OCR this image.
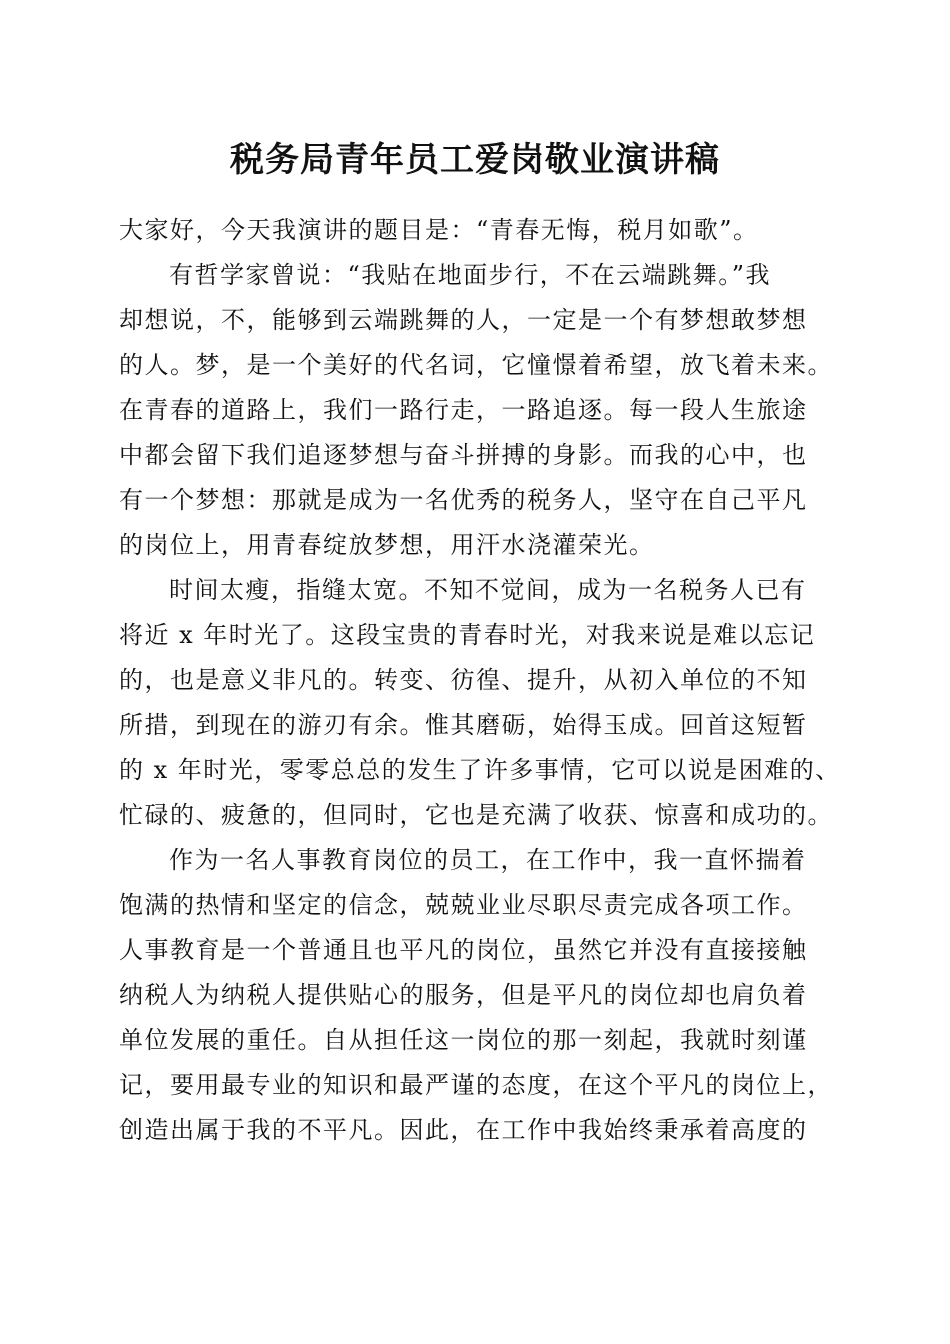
税务局青年员工爱岗敬业演讲稿
大家好，今天我演讲的题目是：“青春无悔，税月如歌”。
有哲学家曾说：“我贴在地面步行，不在云端跳舞。”我
却想说，不，能够到云端跳舞的人，一定是一个有梦想敢梦想
的人。梦，是一个美好的代名词，它憧憬着希望，放飞着未来。
在青春的道路上，我们一路行走，一路追逐。每一段人生旅途
中都会留下我们追逐梦想与奋斗拼搏的身影。而我的心中，也
有一个梦想：那就是成为一名优秀的税务人，坚守在自己平凡
的岗位上，用青春绽放梦想，用汗水浇灌荣光。
时间太瘦，指缝太宽。不知不觉间，成为一名税务人已有
将近 x 年时光了。这段宝贵的青春时光，对我来说是难以忘记
的，也是意义非凡的。转变、彷徨、提升，从初入单位的不知
所措，到现在的游刃有余。惟其磨砺，始得玉成。回首这短暂
的 x 年时光，零零总总的发生了许多事情，它可以说是困难的、
忙碌的、疲惫的，但同时，它也是充满了收获、惊喜和成功的。
作为一名人事教育岗位的员工，在工作中，我一直怀揣着
饱满的热情和坚定的信念，兢兢业业尽职尽责完成各项工作。
人事教育是一个普通且也平凡的岗位，虽然它并没有直接接触
纳税人为纳税人提供贴心的服务，但是平凡的岗位却也肩负着
单位发展的重任。自从担任这一岗位的那一刻起，我就时刻谨
记，要用最专业的知识和最严谨的态度，在这个平凡的岗位上，
创造出属于我的不平凡。因此，在工作中我始终秉承着高度的
